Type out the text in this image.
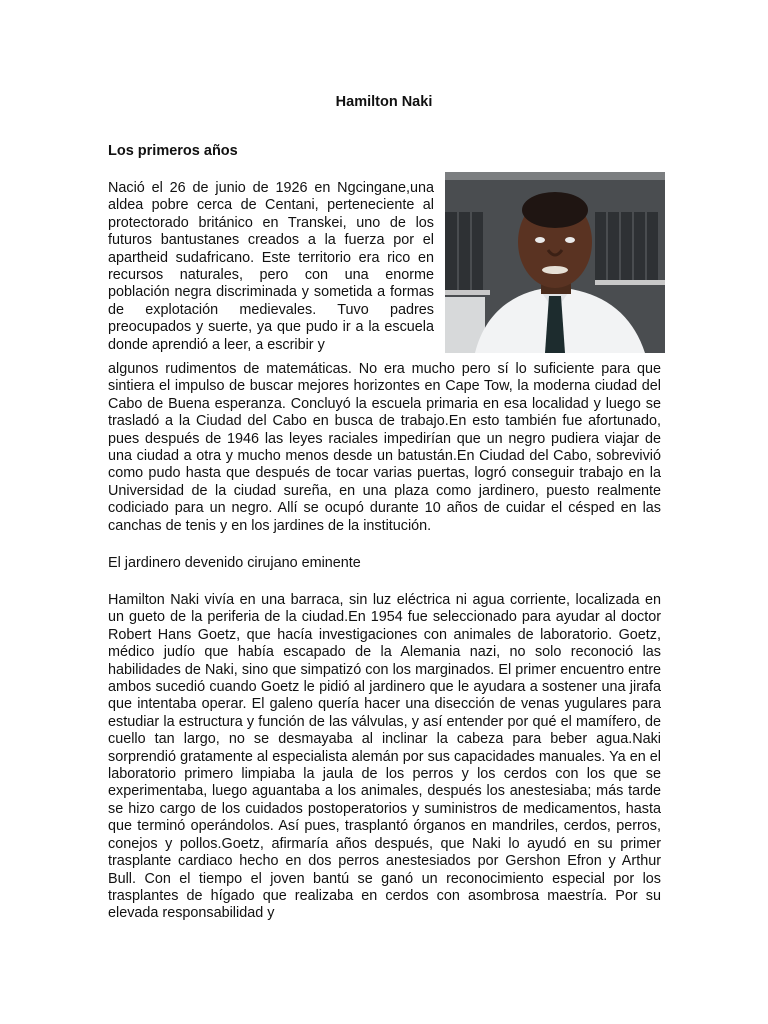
Hamilton Naki
Los primeros años

Nació el 26 de junio de 1926 en Ngcingane,una aldea pobre cerca de Centani, perteneciente al protectorado británico en Transkei, uno de los futuros bantustanes creados a la fuerza por el apartheid sudafricano. Este territorio era rico en recursos naturales, pero con una enorme población negra discriminada y sometida a formas de explotación medievales. Tuvo padres preocupados y suerte, ya que pudo ir a la escuela donde aprendió a leer, a escribir y

algunos rudimentos de matemáticas. No era mucho pero sí lo suficiente para que sintiera el impulso de buscar mejores horizontes en Cape Tow, la moderna ciudad del Cabo de Buena esperanza. Concluyó la escuela primaria en esa localidad y luego se trasladó a la Ciudad del Cabo en busca de trabajo.En esto también fue afortunado, pues después de 1946 las leyes raciales impedirían que un negro pudiera viajar de una ciudad a otra y mucho menos desde un batustán.En Ciudad del Cabo, sobrevivió como pudo hasta que después de tocar varias puertas, logró conseguir trabajo en la Universidad de la ciudad sureña, en una plaza como jardinero, puesto realmente codiciado para un negro. Allí se ocupó durante 10 años de cuidar el césped en las canchas de tenis y en los jardines de la institución.

El jardinero devenido cirujano eminente

Hamilton Naki vivía en una barraca, sin luz eléctrica ni agua corriente, localizada en un gueto de la periferia de la ciudad.En 1954 fue seleccionado para ayudar al doctor Robert Hans Goetz, que hacía investigaciones con animales de laboratorio. Goetz, médico judío que había escapado de la Alemania nazi, no solo reconoció las habilidades de Naki, sino que simpatizó con los marginados. El primer encuentro entre ambos sucedió cuando Goetz le pidió al jardinero que le ayudara a sostener una jirafa que intentaba operar. El galeno quería hacer una disección de venas yugulares para estudiar la estructura y función de las válvulas, y así entender por qué el mamífero, de cuello tan largo, no se desmayaba al inclinar la cabeza para beber agua.Naki sorprendió gratamente al especialista alemán por sus capacidades manuales. Ya en el laboratorio primero limpiaba la jaula de los perros y los cerdos con los que se experimentaba, luego aguantaba a los animales, después los anestesiaba; más tarde se hizo cargo de los cuidados postoperatorios y suministros de medicamentos, hasta que terminó operándolos. Así pues, trasplantó órganos en mandriles, cerdos, perros, conejos y pollos.Goetz, afirmaría años después, que Naki lo ayudó en su primer trasplante cardiaco hecho en dos perros anestesiados por Gershon Efron y Arthur Bull. Con el tiempo el joven bantú se ganó un reconocimiento especial por los trasplantes de hígado que realizaba en cerdos con asombrosa maestría. Por su elevada responsabilidad y
